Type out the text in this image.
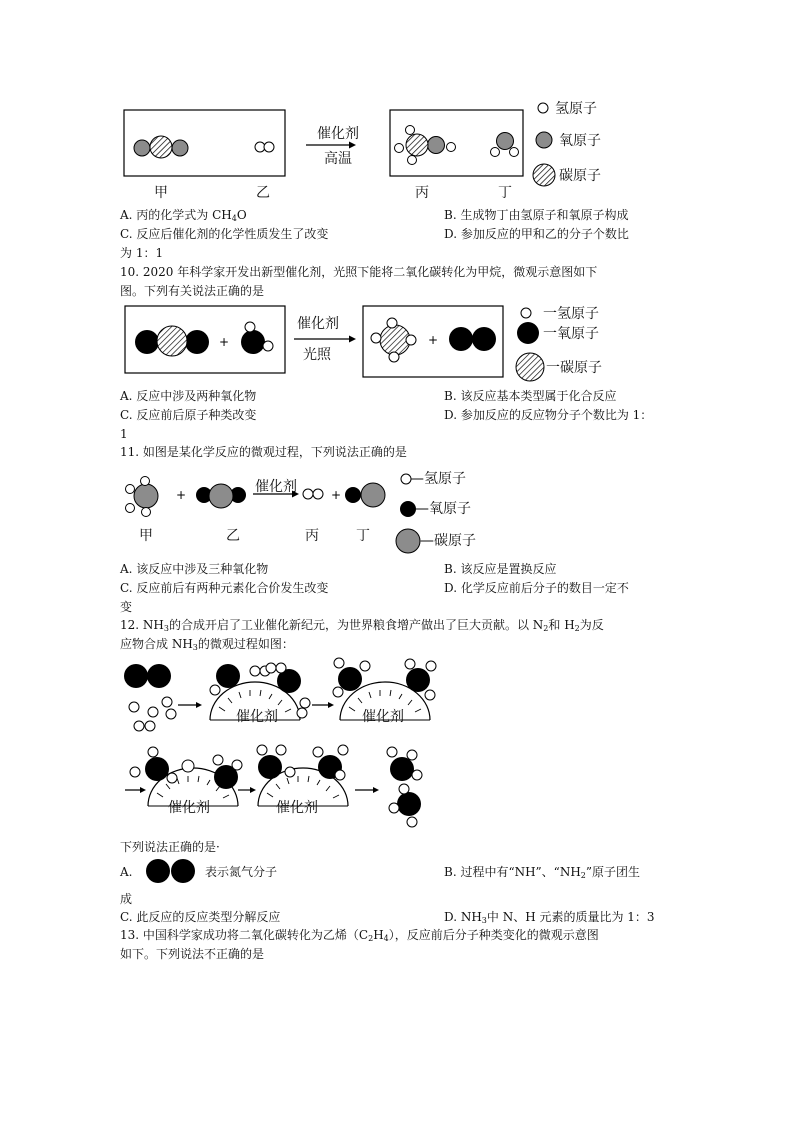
催化剂
高温
氢原子
氧原子
碳原子
甲	乙	丙	丁
A. 丙的化学式为 $CH_4O$	B. 生成物丁由氢原子和氧原子构成
C. 反应后催化剂的化学性质发生了改变	D. 参加反应的甲和乙的分子个数比
为 1：1
10. 2020 年科学家开发出新型催化剂，光照下能将二氧化碳转化为甲烷，微观示意图如下
图。下列有关说法正确的是
+	+
催化剂
光照
一氢原子
一氧原子
一碳原子
A. 反应中涉及两种氧化物	B. 该反应基本类型属于化合反应
C. 反应前后原子种类改变	D. 参加反应的反应物分子个数比为 1：
1
11. 如图是某化学反应的微观过程，下列说法正确的是
+	+
催化剂
甲	乙	丙	丁
—氢原子
—氧原子
—碳原子
A. 该反应中涉及三种氧化物	B. 该反应是置换反应
C. 反应前后有两种元素化合价发生改变	D. 化学反应前后分子的数目一定不
变
12. $NH_3$的合成开启了工业催化新纪元，为世界粮食增产做出了巨大贡献。以 $N_2$和 $H_2$为反
应物合成 $NH_3$的微观过程如图：
催化剂	催化剂
催化剂	催化剂
下列说法正确的是·
A.	表示氮气分子	B. 过程中有“NH”、“$NH_2$”原子团生
成
C. 此反应的反应类型分解反应	D. $NH_3$中 N、H 元素的质量比为 1：3
13. 中国科学家成功将二氧化碳转化为乙烯$(C_2H_4)$，反应前后分子种类变化的微观示意图
如下。下列说法不正确的是
